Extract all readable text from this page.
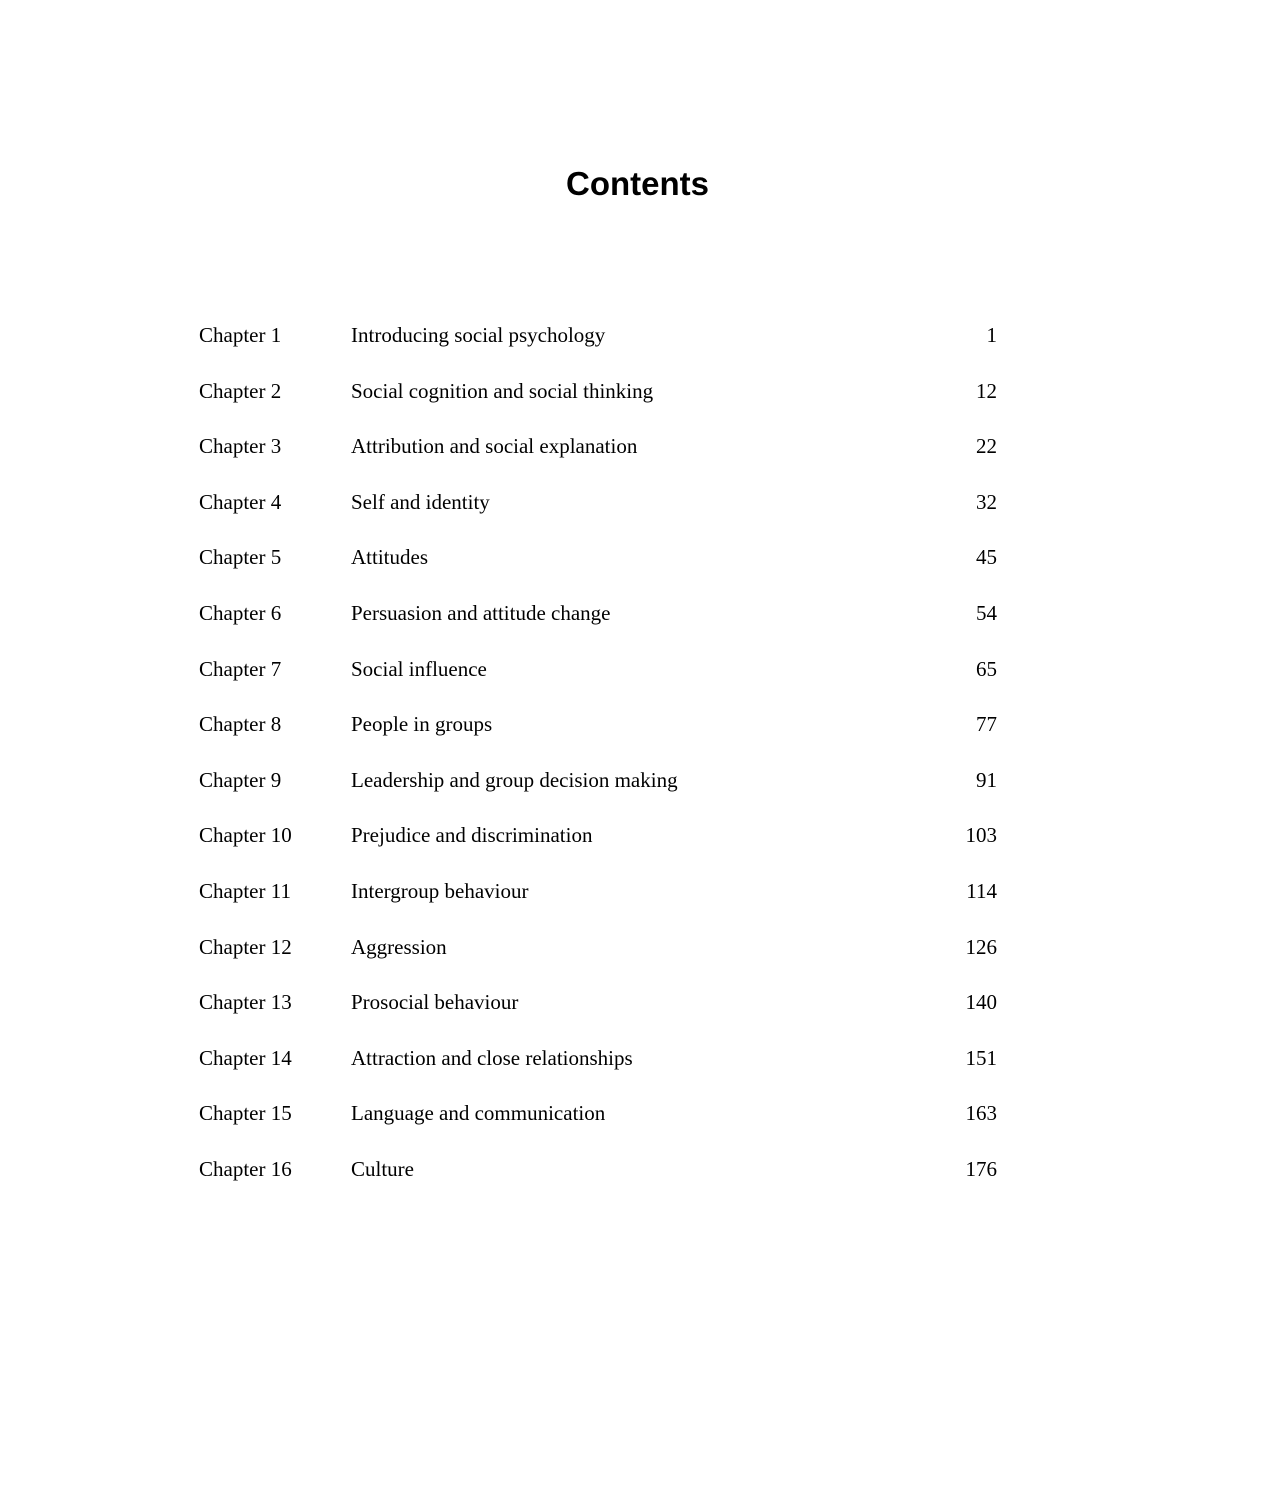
Contents
Chapter 1	Introducing social psychology	1
Chapter 2	Social cognition and social thinking	12
Chapter 3	Attribution and social explanation	22
Chapter 4	Self and identity	32
Chapter 5	Attitudes	45
Chapter 6	Persuasion and attitude change	54
Chapter 7	Social influence	65
Chapter 8	People in groups	77
Chapter 9	Leadership and group decision making	91
Chapter 10	Prejudice and discrimination	103
Chapter 11	Intergroup behaviour	114
Chapter 12	Aggression	126
Chapter 13	Prosocial behaviour	140
Chapter 14	Attraction and close relationships	151
Chapter 15	Language and communication	163
Chapter 16	Culture	176
